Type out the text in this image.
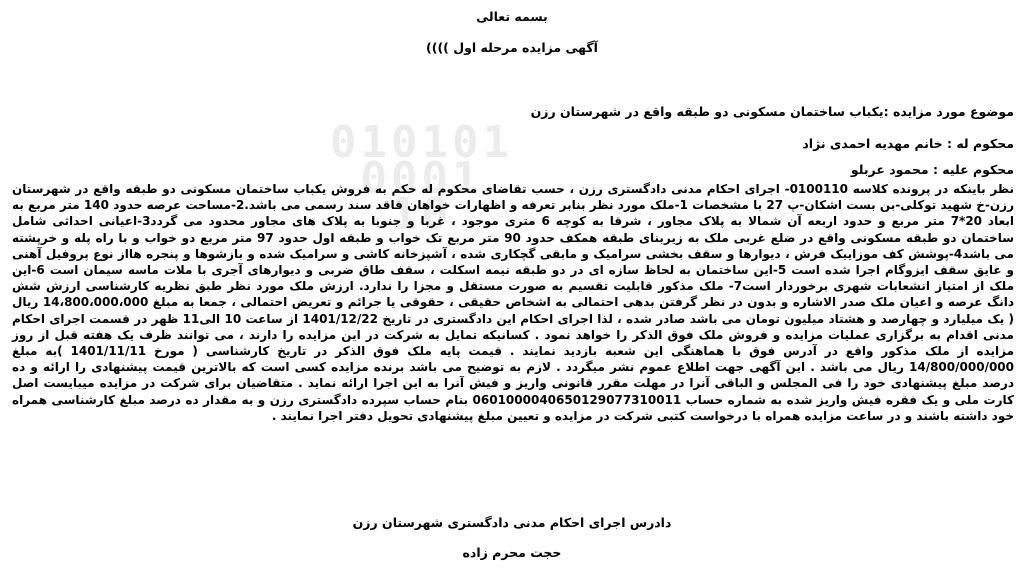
010101
0001
10
بسمه تعالی
آگهی مزایده مرحله اول ))))
موضوع مورد مزایده :یکباب ساختمان مسکونی دو طبقه واقع در شهرستان رزن
محکوم له : خانم مهدیه احمدی نژاد
محکوم علیه : محمود عربلو
نظر باینکه در پرونده کلاسه 0100110- اجرای احکام مدنی دادگستری رزن ، حسب تقاضای محکوم له حکم به فروش یکباب ساختمان مسکونی دو طبقه واقع در شهرستان رزن-خ شهید توکلی-بن بست اشکان-پ 27 با مشخصات 1-ملک مورد نظر بنابر تعرفه و اظهارات خواهان فاقد سند رسمی می باشد.2-مساحت عرصه حدود 140 متر مربع به ابعاد 20*7 متر مربع و حدود اربعه آن شمالا به پلاک مجاور ، شرقا به کوچه 6 متری موجود ، غربا و جنوبا به پلاک های مجاور محدود می گردد3-اعیانی احداثی شامل ساختمان دو طبقه مسکونی واقع در ضلع غربی ملک به زیربنای طبقه همکف حدود 90 متر مربع تک خواب و طبقه اول حدود 97 متر مربع دو خواب و با راه پله و خرپشته می باشد4-پوشش کف موزاییک فرش ، دیوارها و سقف بخشی سرامیک و مابقی گچکاری شده ، آشپزخانه کاشی و سرامیک شده و بازشوها و پنجره هااز نوع پروفیل آهنی و عایق سقف ایزوگام اجرا شده است 5-این ساختمان به لحاظ سازه ای در دو طبقه نیمه اسکلت ، سقف طاق ضربی و دیوارهای آجری با ملات ماسه سیمان است 6-این ملک از امتیاز انشعابات شهری برخوردار است7- ملک مذکور قابلیت تقسیم به صورت مستقل و مجزا را ندارد. ارزش ملک مورد نظر طبق نظریه کارشناسی ارزش شش دانگ عرصه و اعیان ملک صدر الاشاره و بدون در نظر گرفتن بدهی احتمالی به اشخاص حقیقی ، حقوقی یا جرائم و تعریض احتمالی ، جمعا به مبلغ 14،800،000،000 ریال ( یک میلیارد و چهارصد و هشتاد میلیون تومان می باشد صادر شده ، لذا اجرای احکام این دادگستری در تاریخ 1401/12/22 از ساعت 10 الی11 ظهر در قسمت اجرای احکام مدنی اقدام به برگزاری عملیات مزایده و فروش ملک فوق الذکر را خواهد نمود . کسانیکه تمایل به شرکت در این مزایده را دارند ، می توانند ظرف یک هفته قبل از روز مزایده از ملک مذکور واقع در آدرس فوق با هماهنگی این شعبه بازدید نمایند . قیمت پایه ملک فوق الذکر در تاریخ کارشناسی ( مورخ 1401/11/11 )به مبلغ 14/800/000/000 ریال می باشد . این آگهی جهت اطلاع عموم نشر میگردد . لازم به توضیح می باشد برنده مزایده کسی است که بالاترین قیمت پیشنهادی را ارائه و ده درصد مبلغ پیشنهادی خود را فی المجلس و الباقی آنرا در مهلت مقرر قانونی واریز و فیش آنرا به این اجرا ارائه نماید . متقاضیان برای شرکت در مزایده میبایست اصل کارت ملی و یک فقره فیش واریز شده به شماره حساب 0601000040650129077310011 بنام حساب سپرده دادگستری رزن و به مقدار ده درصد مبلغ کارشناسی همراه خود داشته باشند و در ساعت مزایده همراه با درخواست کتبی شرکت در مزایده و تعیین مبلغ پیشنهادی تحویل دفتر اجرا نمایند .
دادرس اجرای احکام مدنی دادگستری شهرستان رزن
حجت محرم زاده
